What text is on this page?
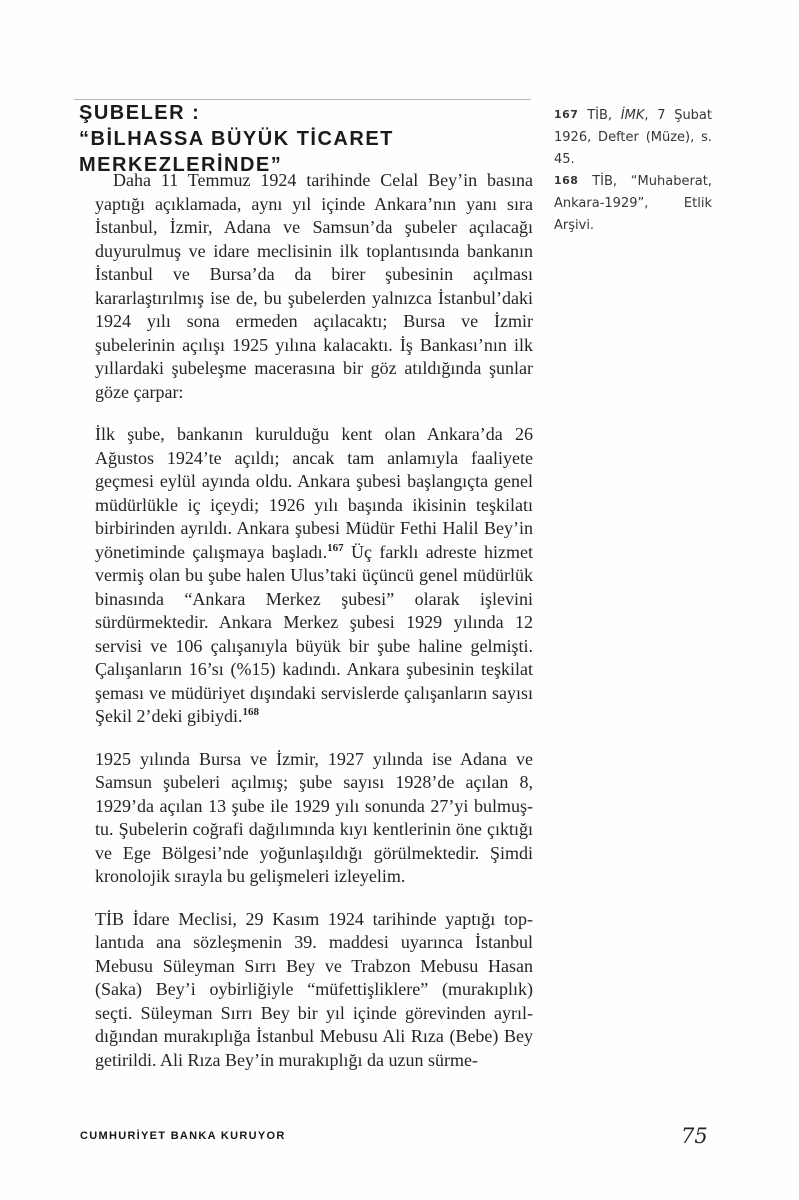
ŞUBELER :
“BİLHASSA BÜYÜK TİCARET
MERKEZLERİNDE”

167 TİB, İMK, 7 Şubat 1926, Defter (Müze), s. 45.

168 TİB, “Muhaberat, Ankara-1929”, Etlik Arşivi.

Daha 11 Temmuz 1924 tarihinde Celal Bey’in basına yaptığı açıklamada, aynı yıl içinde Ankara’nın yanı sıra İstanbul, İzmir, Adana ve Samsun’da şubeler açılacağı duyurulmuş ve idare meclisinin ilk toplantısında bankanın İstanbul ve Bursa’da da birer şubesinin açılması kararlaştırılmış ise de, bu şubelerden yalnızca İstanbul’daki 1924 yılı sona ermeden açılacaktı; Bursa ve İzmir şubelerinin açılışı 1925 yılına kalacaktı. İş Bankası’nın ilk yıllardaki şubeleşme macerasına bir göz atıldığında şunlar göze çarpar:

İlk şube, bankanın kurulduğu kent olan Ankara’da 26 Ağustos 1924’te açıldı; ancak tam anlamıyla faaliyete geçmesi eylül ayında oldu. Ankara şubesi başlangıçta genel müdürlükle iç içeydi; 1926 yılı başında ikisinin teşkilatı birbirinden ayrıldı. Ankara şubesi Müdür Fethi Halil Bey’in yönetiminde çalışmaya başladı.$^{167}$ Üç farklı adreste hizmet vermiş olan bu şube halen Ulus’taki üçüncü genel müdürlük binasında “Ankara Merkez şubesi” olarak işlevini sürdürmektedir. Ankara Merkez şubesi 1929 yılında 12 servisi ve 106 çalışanıyla büyük bir şube haline gelmişti. Çalışanların 16’sı (%15) kadındı. Ankara şubesinin teşkilat şeması ve müdüriyet dışındaki servislerde çalışanların sayısı Şekil 2’deki gibiydi.$^{168}$

1925 yılında Bursa ve İzmir, 1927 yılında ise Adana ve Samsun şubeleri açılmış; şube sayısı 1928’de açılan 8, 1929’da açılan 13 şube ile 1929 yılı sonunda 27’yi bulmuştu. Şubelerin coğrafi dağılımında kıyı kentlerinin öne çıktığı ve Ege Bölgesi’nde yoğunlaşıldığı görülmektedir. Şimdi kronolojik sırayla bu gelişmeleri izleyelim.

TİB İdare Meclisi, 29 Kasım 1924 tarihinde yaptığı toplantıda ana sözleşmenin 39. maddesi uyarınca İstanbul Mebusu Süleyman Sırrı Bey ve Trabzon Mebusu Hasan (Saka) Bey’i oybirliğiyle “müfettişliklere” (murakıplık) seçti. Süleyman Sırrı Bey bir yıl içinde görevinden ayrıldığından murakıplığa İstanbul Mebusu Ali Rıza (Bebe) Bey getirildi. Ali Rıza Bey’in murakıplığı da uzun sürme-

CUMHURİYET BANKA KURUYOR	75
